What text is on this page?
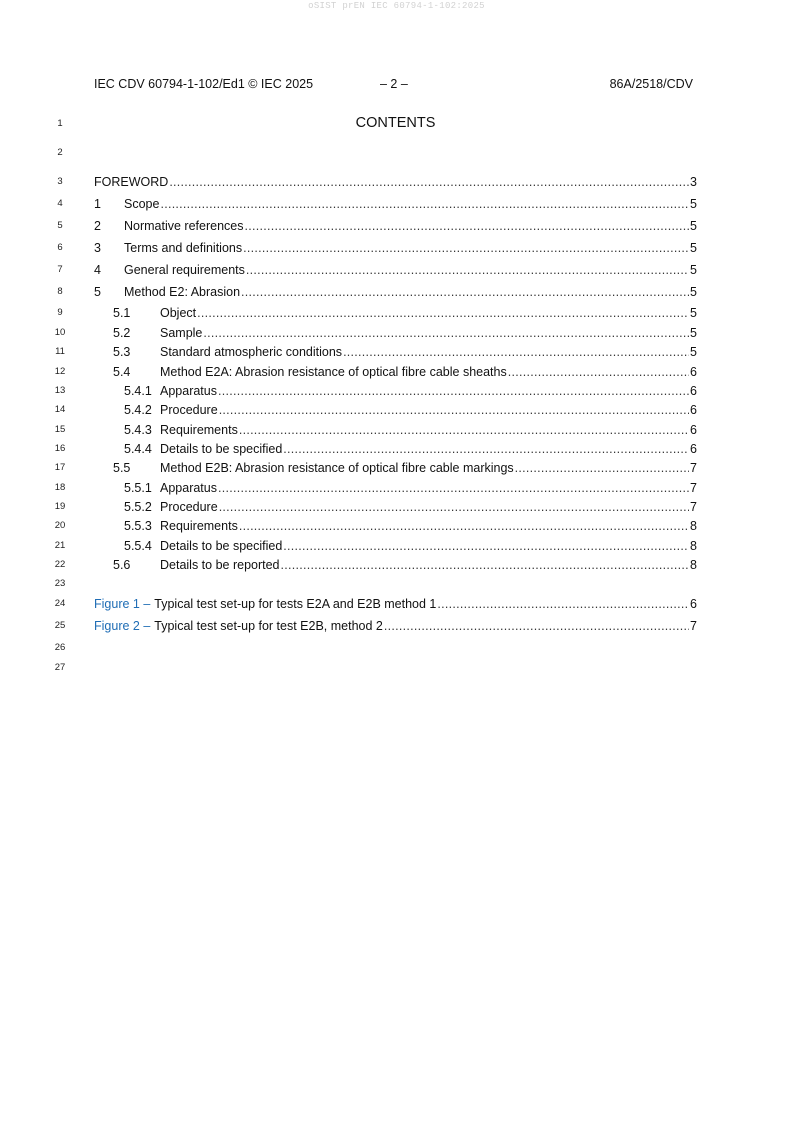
oSIST prEN IEC 60794-1-102:2025
IEC CDV 60794-1-102/Ed1 © IEC 2025	– 2 –	86A/2518/CDV
1
2
3
4
5
6
7
8
9
10
11
12
13
14
15
16
17
18
19
20
21
22
23
24
25
26
27
CONTENTS
FOREWORD . . .	3
1	Scope . . .	5
2	Normative references . . .	5
3	Terms and definitions . . .	5
4	General requirements . . .	5
5	Method E2: Abrasion . . .	5
5.1	Object . . .	5
5.2	Sample . . .	5
5.3	Standard atmospheric conditions . . .	5
5.4	Method E2A: Abrasion resistance of optical fibre cable sheaths . . .	6
5.4.1 Apparatus . . .	6
5.4.2 Procedure . . .	6
5.4.3 Requirements . . .	6
5.4.4 Details to be specified . . .	6
5.5	Method E2B: Abrasion resistance of optical fibre cable markings . . .	7
5.5.1 Apparatus . . .	7
5.5.2 Procedure . . .	7
5.5.3 Requirements . . .	8
5.5.4 Details to be specified . . .	8
5.6	Details to be reported . . .	8
Figure 1 – Typical test set-up for tests E2A and E2B method 1 . . .	6
Figure 2 – Typical test set-up for test E2B, method 2 . . .	7
